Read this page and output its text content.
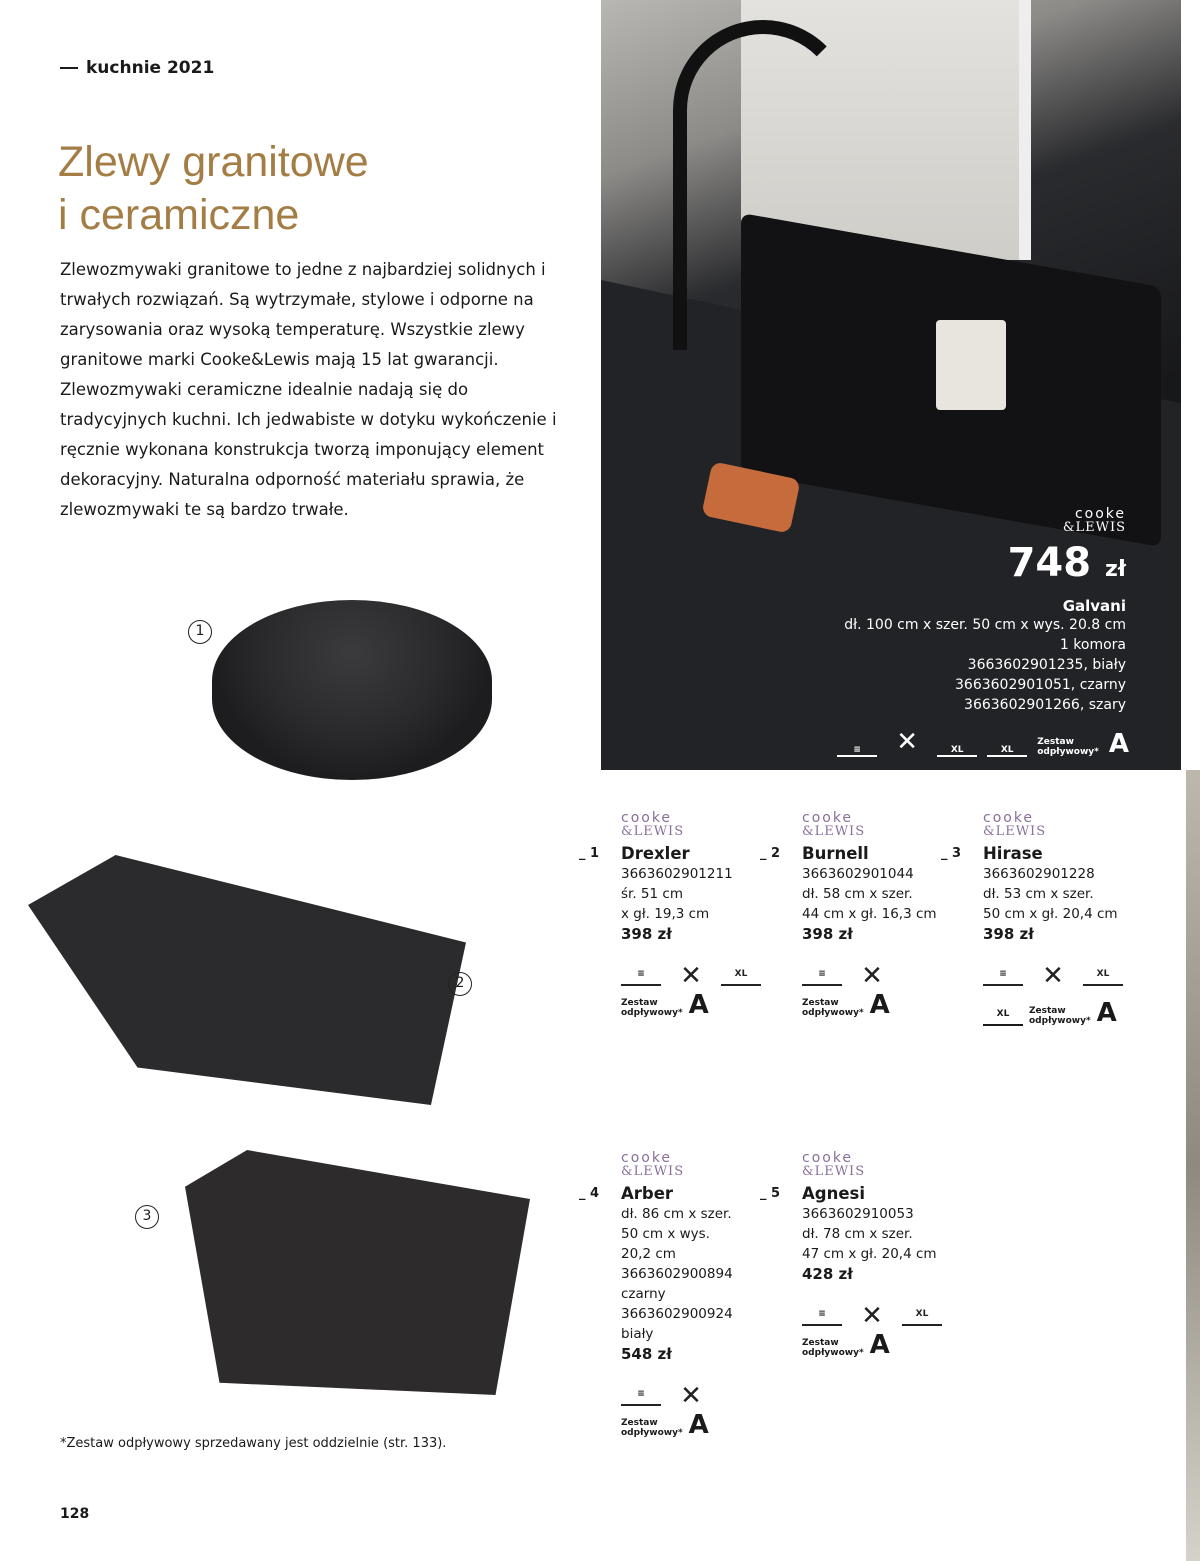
kuchnie 2021
Zlewy granitowe
i ceramiczne
Zlewozmywaki granitowe to jedne z najbardziej solidnych i trwałych rozwiązań. Są wytrzymałe, stylowe i odporne na zarysowania oraz wysoką temperaturę. Wszystkie zlewy granitowe marki Cooke&Lewis mają 15 lat gwarancji. Zlewozmywaki ceramiczne idealnie nadają się do tradycyjnych kuchni. Ich jedwabiste w dotyku wykończenie i ręcznie wykonana konstrukcja tworzą imponujący element dekoracyjny. Naturalna odporność materiału sprawia, że zlewozmywaki te są bardzo trwałe.	cooke
&LEWIS
748 zł
Galvani
dł. 100 cm x szer. 50 cm x wys. 20.8 cm
1 komora
3663602901235, biały
3663602901051, czarny
3663602901266, szary
≡	✕	XL	XL
Zestaw
odpływowy* A
1
2
3
*Zestaw odpływowy sprzedawany jest oddzielnie (str. 133).
128
cooke
&LEWIS
_ 1 Drexler
3663602901211
śr. 51 cm
x gł. 19,3 cm
398 zł
≡	✕	XL
Zestaw
odpływowy* A
cooke
&LEWIS
_ 2 Burnell
3663602901044
dł. 58 cm x szer.
44 cm x gł. 16,3 cm
398 zł
≡	✕
Zestaw
odpływowy* A
cooke
&LEWIS
_ 3 Hirase
3663602901228
dł. 53 cm x szer.
50 cm x gł. 20,4 cm
398 zł
≡	✕	XL
XL	Zestaw
odpływowy* A
cooke
&LEWIS
_ 4 Arber
dł. 86 cm x szer.
50 cm x wys.
20,2 cm
3663602900894
czarny
3663602900924
biały
548 zł
≡	✕
Zestaw
odpływowy* A
cooke
&LEWIS
_ 5 Agnesi
3663602910053
dł. 78 cm x szer.
47 cm x gł. 20,4 cm
428 zł
≡	✕	XL
Zestaw
odpływowy* A
